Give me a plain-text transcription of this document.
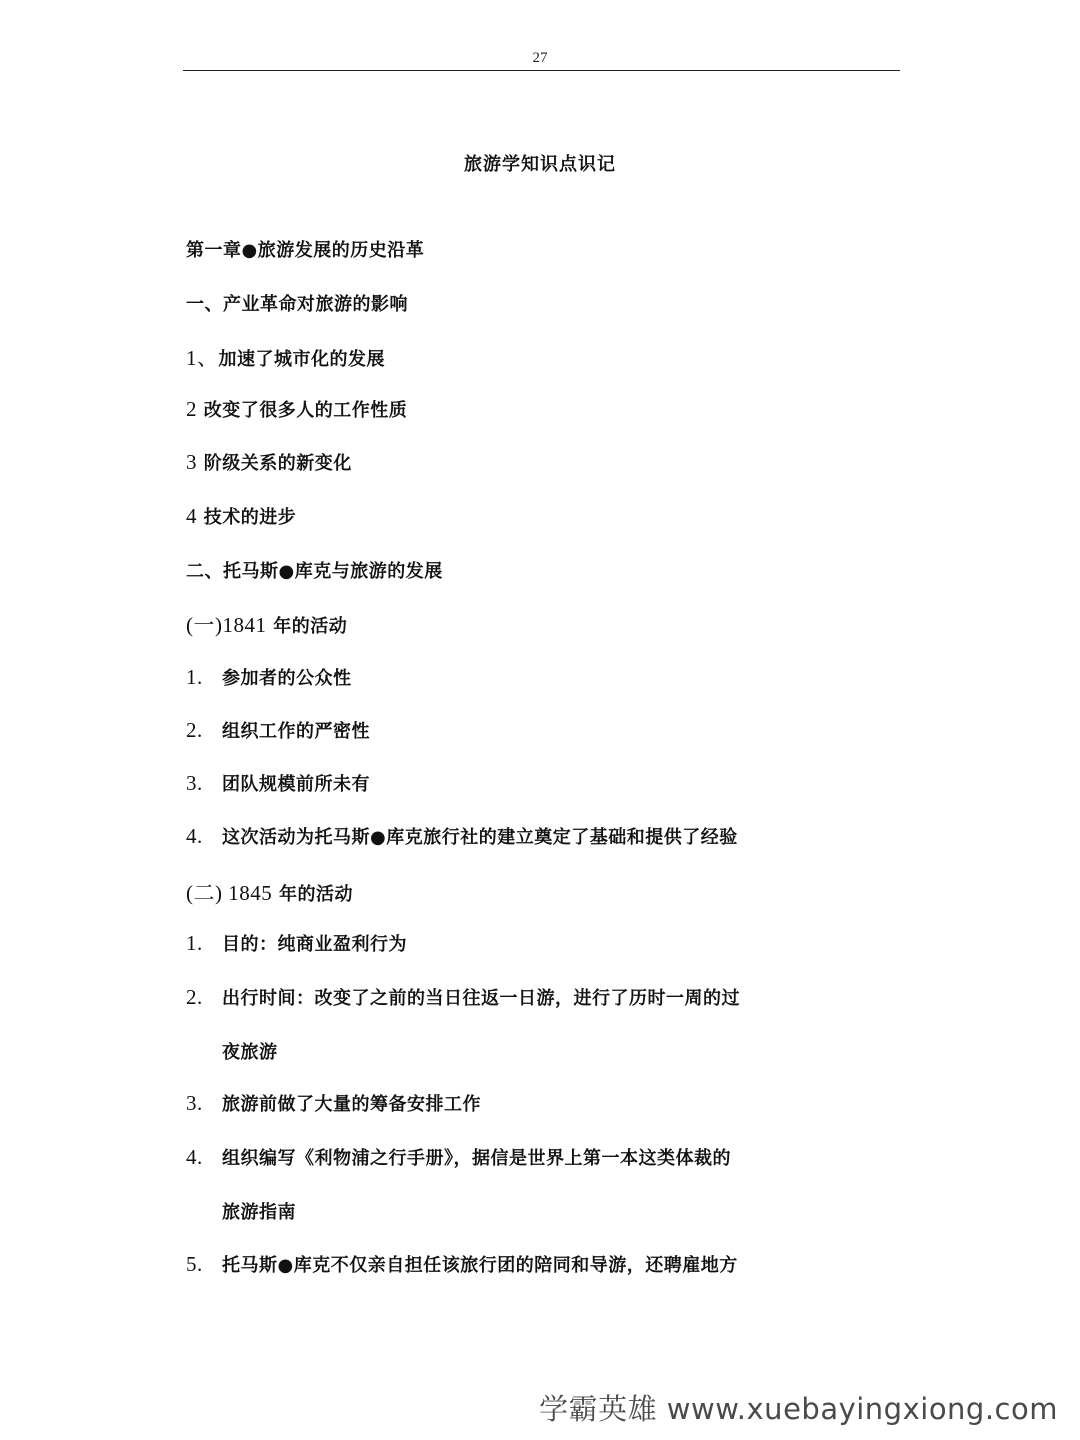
27
旅游学知识点识记
第一章●旅游发展的历史沿革
一、产业革命对旅游的影响
1、加速了城市化的发展
2 改变了很多人的工作性质
3 阶级关系的新变化
4 技术的进步
二、托马斯●库克与旅游的发展
(一)1841 年的活动
1. 参加者的公众性
2. 组织工作的严密性
3. 团队规模前所未有
4. 这次活动为托马斯●库克旅行社的建立奠定了基础和提供了经验
(二) 1845 年的活动
1. 目的：纯商业盈利行为
2. 出行时间：改变了之前的当日往返一日游，进行了历时一周的过
夜旅游
3. 旅游前做了大量的筹备安排工作
4. 组织编写《利物浦之行手册》，据信是世界上第一本这类体裁的
旅游指南
5. 托马斯●库克不仅亲自担任该旅行团的陪同和导游，还聘雇地方
学霸英雄 www.xuebayingxiong.com
